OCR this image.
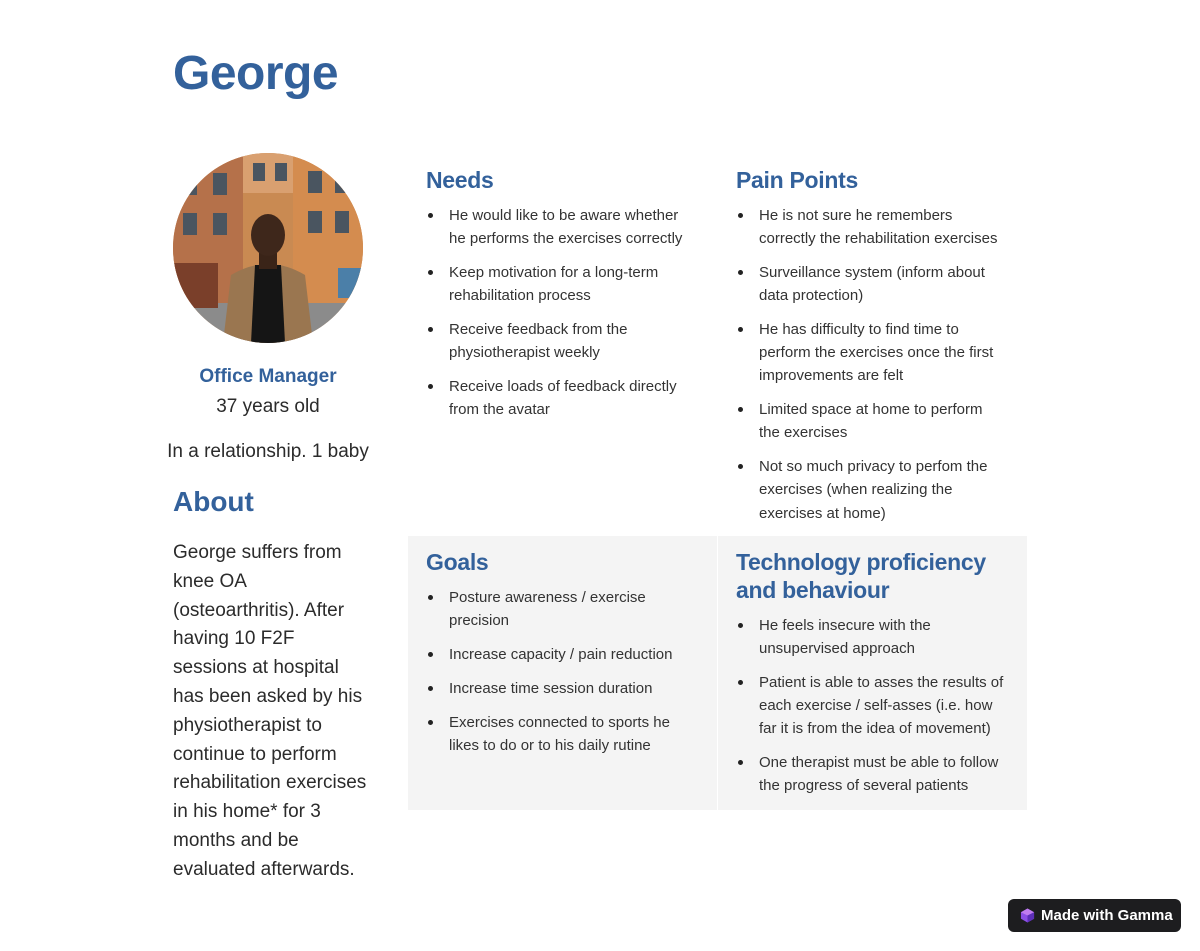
George
Office Manager
37 years old
In a relationship. 1 baby
About

George suffers from knee OA (osteoarthritis). After having 10 F2F sessions at hospital has been asked by his physiotherapist to continue to perform rehabilitation exercises in his home* for 3 months and be evaluated afterwards.

Needs
He would like to be aware whether he performs the exercises correctly
Keep motivation for a long-term rehabilitation process
Receive feedback from the physiotherapist weekly
Receive loads of feedback directly from the avatar
Pain Points
He is not sure he remembers correctly the rehabilitation exercises
Surveillance system (inform about data protection)
He has difficulty to find time to perform the exercises once the first improvements are felt
Limited space at home to perform the exercises
Not so much privacy to perfom the exercises (when realizing the exercises at home)
Goals
Posture awareness / exercise precision
Increase capacity / pain reduction
Increase time session duration
Exercises connected to sports he likes to do or to his daily rutine
Technology proficiency and behaviour
He feels insecure with the unsupervised approach
Patient is able to asses the results of each exercise / self-asses (i.e. how far it is from the idea of movement)
One therapist must be able to follow the progress of several patients
Made with Gamma
